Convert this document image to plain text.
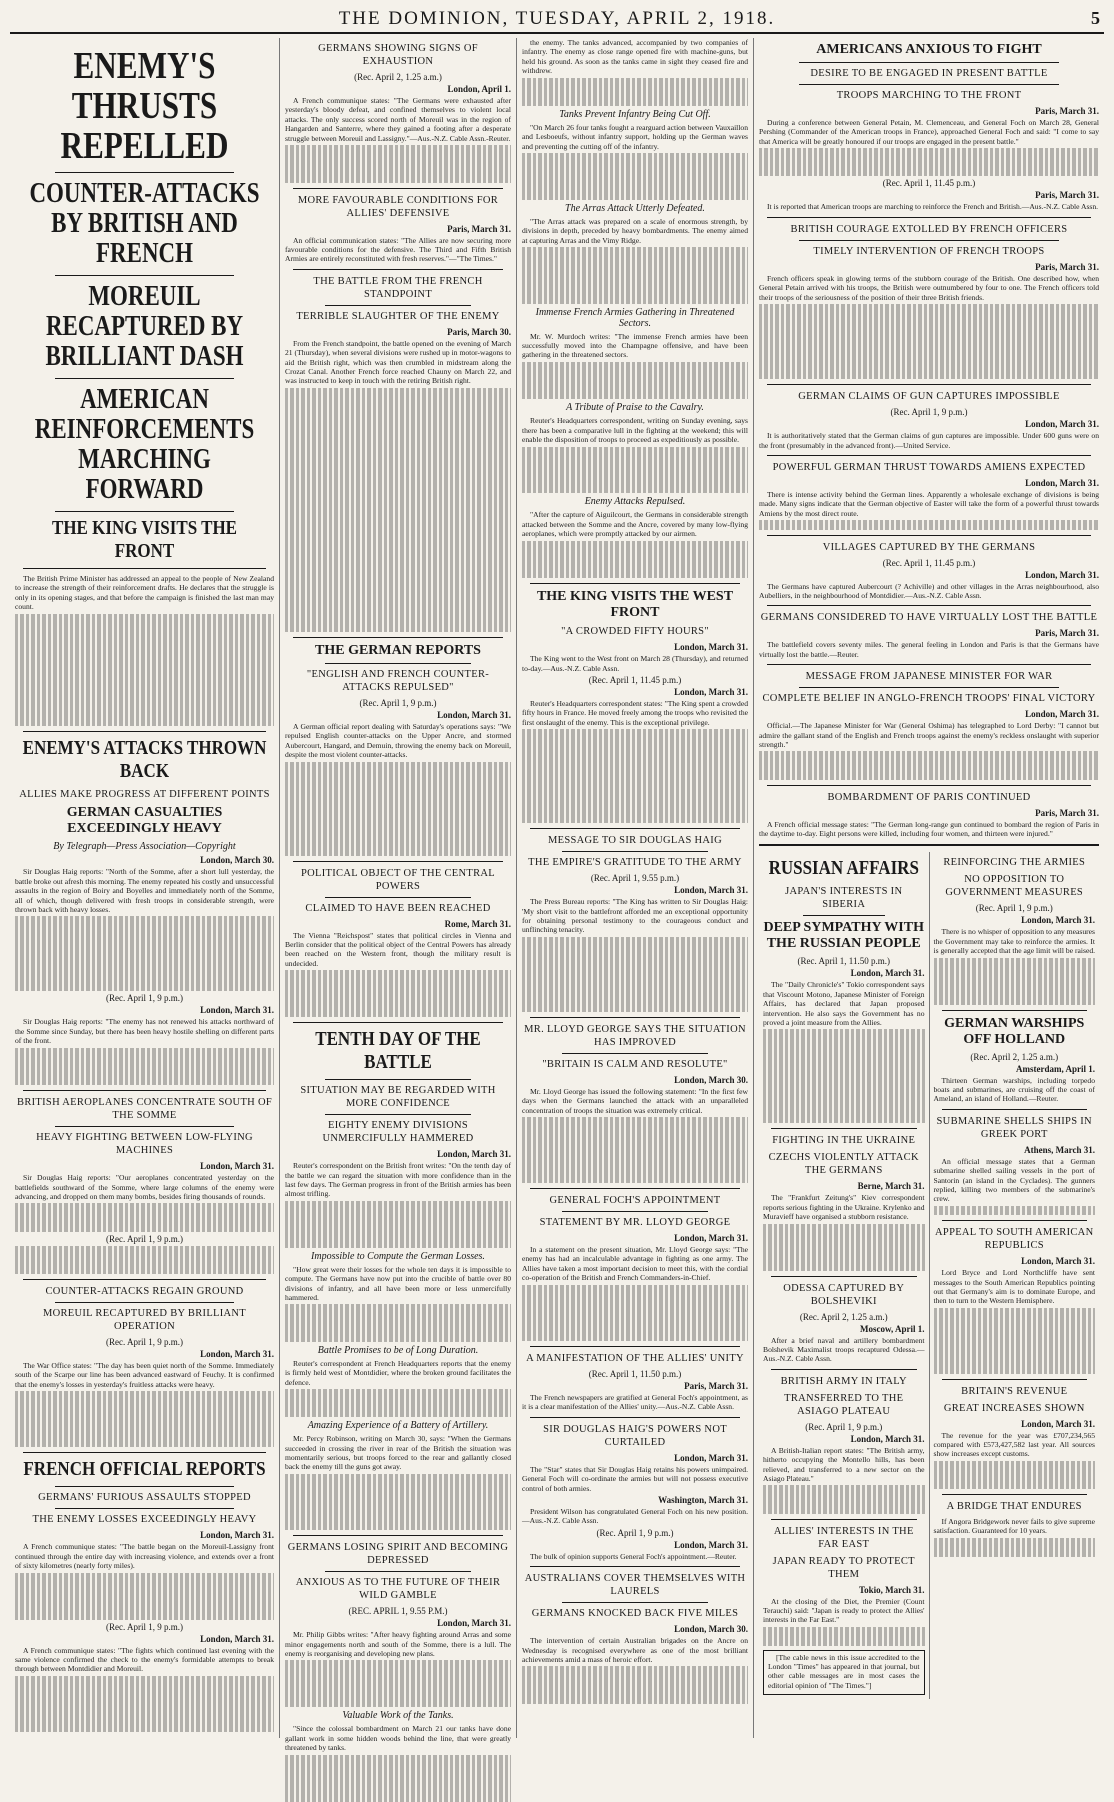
THE DOMINION, TUESDAY, APRIL 2, 1918.	5
ENEMY'S THRUSTS REPELLED
COUNTER-ATTACKS BY BRITISH AND FRENCH
MOREUIL RECAPTURED BY BRILLIANT DASH
AMERICAN REINFORCEMENTS MARCHING FORWARD
THE KING VISITS THE FRONT

The British Prime Minister has addressed an appeal to the people of New Zealand to increase the strength of their reinforcement drafts. He declares that the struggle is only in its opening stages, and that before the campaign is finished the last man may count.

ENEMY'S ATTACKS THROWN BACK
ALLIES MAKE PROGRESS AT DIFFERENT POINTS
GERMAN CASUALTIES EXCEEDINGLY HEAVY
By Telegraph—Press Association—Copyright
London, March 30.

Sir Douglas Haig reports: "North of the Somme, after a short lull yesterday, the battle broke out afresh this morning. The enemy repeated his costly and unsuccessful assaults in the region of Boiry and Boyelles and immediately north of the Somme, all of which, though delivered with fresh troops in considerable strength, were thrown back with heavy losses.

(Rec. April 1, 9 p.m.)
London, March 31.

Sir Douglas Haig reports: "The enemy has not renewed his attacks northward of the Somme since Sunday, but there has been heavy hostile shelling on different parts of the front.

BRITISH AEROPLANES CONCENTRATE SOUTH OF THE SOMME
HEAVY FIGHTING BETWEEN LOW-FLYING MACHINES
London, March 31.

Sir Douglas Haig reports: "Our aeroplanes concentrated yesterday on the battlefields southward of the Somme, where large columns of the enemy were advancing, and dropped on them many bombs, besides firing thousands of rounds.

(Rec. April 1, 9 p.m.)
COUNTER-ATTACKS REGAIN GROUND
MOREUIL RECAPTURED BY BRILLIANT OPERATION
(Rec. April 1, 9 p.m.)
London, March 31.

The War Office states: "The day has been quiet north of the Somme. Immediately south of the Scarpe our line has been advanced eastward of Feuchy. It is confirmed that the enemy's losses in yesterday's fruitless attacks were heavy.

FRENCH OFFICIAL REPORTS
GERMANS' FURIOUS ASSAULTS STOPPED
THE ENEMY LOSSES EXCEEDINGLY HEAVY
London, March 31.

A French communique states: "The battle began on the Moreuil-Lassigny front continued through the entire day with increasing violence, and extends over a front of sixty kilometres (nearly forty miles).

(Rec. April 1, 9 p.m.)
London, March 31.

A French communique states: "The fights which continued last evening with the same violence confirmed the check to the enemy's formidable attempts to break through between Montdidier and Moreuil.

GERMANS SHOWING SIGNS OF EXHAUSTION
(Rec. April 2, 1.25 a.m.)
London, April 1.

A French communique states: "The Germans were exhausted after yesterday's bloody defeat, and confined themselves to violent local attacks. The only success scored north of Moreuil was in the region of Hangarden and Santerre, where they gained a footing after a desperate struggle between Moreuil and Lassigny."—Aus.-N.Z. Cable Assn.-Reuter.

MORE FAVOURABLE CONDITIONS FOR ALLIES' DEFENSIVE
Paris, March 31.

An official communication states: "The Allies are now securing more favourable conditions for the defensive. The Third and Fifth British Armies are entirely reconstituted with fresh reserves."—"The Times."

THE BATTLE FROM THE FRENCH STANDPOINT
TERRIBLE SLAUGHTER OF THE ENEMY
Paris, March 30.

From the French standpoint, the battle opened on the evening of March 21 (Thursday), when several divisions were rushed up in motor-wagons to aid the British right, which was then crumbled in midstream along the Crozat Canal. Another French force reached Chauny on March 22, and was instructed to keep in touch with the retiring British right.

THE GERMAN REPORTS
"ENGLISH AND FRENCH COUNTER-ATTACKS REPULSED"
(Rec. April 1, 9 p.m.)
London, March 31.

A German official report dealing with Saturday's operations says: "We repulsed English counter-attacks on the Upper Ancre, and stormed Aubercourt, Hangard, and Demuin, throwing the enemy back on Moreuil, despite the most violent counter-attacks.

POLITICAL OBJECT OF THE CENTRAL POWERS
CLAIMED TO HAVE BEEN REACHED
Rome, March 31.

The Vienna "Reichspost" states that political circles in Vienna and Berlin consider that the political object of the Central Powers has already been reached on the Western front, though the military result is undecided.

TENTH DAY OF THE BATTLE
SITUATION MAY BE REGARDED WITH MORE CONFIDENCE
EIGHTY ENEMY DIVISIONS UNMERCIFULLY HAMMERED
London, March 31.

Reuter's correspondent on the British front writes: "On the tenth day of the battle we can regard the situation with more confidence than in the last few days. The German progress in front of the British armies has been almost trifling.

Impossible to Compute the German Losses.

"How great were their losses for the whole ten days it is impossible to compute. The Germans have now put into the crucible of battle over 80 divisions of infantry, and all have been more or less unmercifully hammered.

Battle Promises to be of Long Duration.

Reuter's correspondent at French Headquarters reports that the enemy is firmly held west of Montdidier, where the broken ground facilitates the defence.

Amazing Experience of a Battery of Artillery.

Mr. Percy Robinson, writing on March 30, says: "When the Germans succeeded in crossing the river in rear of the British the situation was momentarily serious, but troops forced to the rear and gallantly closed back the enemy till the guns got away.

GERMANS LOSING SPIRIT AND BECOMING DEPRESSED
ANXIOUS AS TO THE FUTURE OF THEIR WILD GAMBLE
(REC. APRIL 1, 9.55 P.M.)
London, March 31.

Mr. Philip Gibbs writes: "After heavy fighting around Arras and some minor engagements north and south of the Somme, there is a lull. The enemy is reorganising and developing new plans.

Valuable Work of the Tanks.

"Since the colossal bombardment on March 21 our tanks have done gallant work in some hidden woods behind the line, that were greatly threatened by tanks.

the enemy. The tanks advanced, accompanied by two companies of infantry. The enemy as close range opened fire with machine-guns, but held his ground. As soon as the tanks came in sight they ceased fire and withdrew.

Tanks Prevent Infantry Being Cut Off.

"On March 26 four tanks fought a rearguard action between Vauxaillon and Lesboeufs, without infantry support, holding up the German waves and preventing the cutting off of the infantry.

The Arras Attack Utterly Defeated.

"The Arras attack was prepared on a scale of enormous strength, by divisions in depth, preceded by heavy bombardments. The enemy aimed at capturing Arras and the Vimy Ridge.

Immense French Armies Gathering in Threatened Sectors.

Mr. W. Murdoch writes: "The immense French armies have been successfully moved into the Champagne offensive, and have been gathering in the threatened sectors.

A Tribute of Praise to the Cavalry.

Reuter's Headquarters correspondent, writing on Sunday evening, says there has been a comparative lull in the fighting at the weekend; this will enable the disposition of troops to proceed as expeditiously as possible.

Enemy Attacks Repulsed.

"After the capture of Aiguilcourt, the Germans in considerable strength attacked between the Somme and the Ancre, covered by many low-flying aeroplanes, which were promptly attacked by our airmen.

THE KING VISITS THE WEST FRONT
"A CROWDED FIFTY HOURS"
London, March 31.

The King went to the West front on March 28 (Thursday), and returned to-day.—Aus.-N.Z. Cable Assn.

(Rec. April 1, 11.45 p.m.)
London, March 31.

Reuter's Headquarters correspondent states: "The King spent a crowded fifty hours in France. He moved freely among the troops who revisited the first onslaught of the enemy. This is the exceptional privilege.

MESSAGE TO SIR DOUGLAS HAIG
THE EMPIRE'S GRATITUDE TO THE ARMY
(Rec. April 1, 9.55 p.m.)
London, March 31.

The Press Bureau reports: "The King has written to Sir Douglas Haig: 'My short visit to the battlefront afforded me an exceptional opportunity for obtaining personal testimony to the courageous conduct and unflinching tenacity.

MR. LLOYD GEORGE SAYS THE SITUATION HAS IMPROVED
"BRITAIN IS CALM AND RESOLUTE"
London, March 30.

Mr. Lloyd George has issued the following statement: "In the first few days when the Germans launched the attack with an unparalleled concentration of troops the situation was extremely critical.

GENERAL FOCH'S APPOINTMENT
STATEMENT BY MR. LLOYD GEORGE
London, March 31.

In a statement on the present situation, Mr. Lloyd George says: "The enemy has had an incalculable advantage in fighting as one army. The Allies have taken a most important decision to meet this, with the cordial co-operation of the British and French Commanders-in-Chief.

A MANIFESTATION OF THE ALLIES' UNITY
(Rec. April 1, 11.50 p.m.)
Paris, March 31.

The French newspapers are gratified at General Foch's appointment, as it is a clear manifestation of the Allies' unity.—Aus.-N.Z. Cable Assn.

SIR DOUGLAS HAIG'S POWERS NOT CURTAILED
London, March 31.

The "Star" states that Sir Douglas Haig retains his powers unimpaired. General Foch will co-ordinate the armies but will not possess executive control of both armies.

Washington, March 31.

President Wilson has congratulated General Foch on his new position.—Aus.-N.Z. Cable Assn.

(Rec. April 1, 9 p.m.)
London, March 31.

The bulk of opinion supports General Foch's appointment.—Reuter.

AUSTRALIANS COVER THEMSELVES WITH LAURELS
GERMANS KNOCKED BACK FIVE MILES
London, March 30.

The intervention of certain Australian brigades on the Ancre on Wednesday is recognised everywhere as one of the most brilliant achievements amid a mass of heroic effort.

AMERICANS ANXIOUS TO FIGHT
DESIRE TO BE ENGAGED IN PRESENT BATTLE
TROOPS MARCHING TO THE FRONT
Paris, March 31.

During a conference between General Petain, M. Clemenceau, and General Foch on March 28, General Pershing (Commander of the American troops in France), approached General Foch and said: "I come to say that America will be greatly honoured if our troops are engaged in the present battle."

(Rec. April 1, 11.45 p.m.)
Paris, March 31.

It is reported that American troops are marching to reinforce the French and British.—Aus.-N.Z. Cable Assn.

BRITISH COURAGE EXTOLLED BY FRENCH OFFICERS
TIMELY INTERVENTION OF FRENCH TROOPS
Paris, March 31.

French officers speak in glowing terms of the stubborn courage of the British. One described how, when General Petain arrived with his troops, the British were outnumbered by four to one. The French officers told their troops of the seriousness of the position of their three British friends.

GERMAN CLAIMS OF GUN CAPTURES IMPOSSIBLE
(Rec. April 1, 9 p.m.)
London, March 31.

It is authoritatively stated that the German claims of gun captures are impossible. Under 600 guns were on the front (presumably in the advanced front).—United Service.

POWERFUL GERMAN THRUST TOWARDS AMIENS EXPECTED
London, March 31.

There is intense activity behind the German lines. Apparently a wholesale exchange of divisions is being made. Many signs indicate that the German objective of Easter will take the form of a powerful thrust towards Amiens by the most direct route.

VILLAGES CAPTURED BY THE GERMANS
(Rec. April 1, 11.45 p.m.)
London, March 31.

The Germans have captured Aubercourt (? Achiville) and other villages in the Arras neighbourhood, also Aubelliers, in the neighbourhood of Montdidier.—Aus.-N.Z. Cable Assn.

GERMANS CONSIDERED TO HAVE VIRTUALLY LOST THE BATTLE
Paris, March 31.

The battlefield covers seventy miles. The general feeling in London and Paris is that the Germans have virtually lost the battle.—Reuter.

MESSAGE FROM JAPANESE MINISTER FOR WAR
COMPLETE BELIEF IN ANGLO-FRENCH TROOPS' FINAL VICTORY
London, March 31.

Official.—The Japanese Minister for War (General Oshima) has telegraphed to Lord Derby: "I cannot but admire the gallant stand of the English and French troops against the enemy's reckless onslaught with superior strength."

BOMBARDMENT OF PARIS CONTINUED
Paris, March 31.

A French official message states: "The German long-range gun continued to bombard the region of Paris in the daytime to-day. Eight persons were killed, including four women, and thirteen were injured."

RUSSIAN AFFAIRS
JAPAN'S INTERESTS IN SIBERIA
DEEP SYMPATHY WITH THE RUSSIAN PEOPLE
(Rec. April 1, 11.50 p.m.)
London, March 31.

The "Daily Chronicle's" Tokio correspondent says that Viscount Motono, Japanese Minister of Foreign Affairs, has declared that Japan proposed intervention. He also says the Government has no proved a joint measure from the Allies.

FIGHTING IN THE UKRAINE
CZECHS VIOLENTLY ATTACK THE GERMANS
Berne, March 31.

The "Frankfurt Zeitung's" Kiev correspondent reports serious fighting in the Ukraine. Krylenko and Muravieff have organised a stubborn resistance.

ODESSA CAPTURED BY BOLSHEVIKI
(Rec. April 2, 1.25 a.m.)
Moscow, April 1.

After a brief naval and artillery bombardment Bolshevik Maximalist troops recaptured Odessa.—Aus.-N.Z. Cable Assn.

BRITISH ARMY IN ITALY
TRANSFERRED TO THE ASIAGO PLATEAU
(Rec. April 1, 9 p.m.)
London, March 31.

A British-Italian report states: "The British army, hitherto occupying the Montello hills, has been relieved, and transferred to a new sector on the Asiago Plateau."

ALLIES' INTERESTS IN THE FAR EAST
JAPAN READY TO PROTECT THEM
Tokio, March 31.

At the closing of the Diet, the Premier (Count Terauchi) said: "Japan is ready to protect the Allies' interests in the Far East."

[The cable news in this issue accredited to the London "Times" has appeared in that journal, but other cable messages are in most cases the editorial opinion of "The Times."]

REINFORCING THE ARMIES
NO OPPOSITION TO GOVERNMENT MEASURES
(Rec. April 1, 9 p.m.)
London, March 31.

There is no whisper of opposition to any measures the Government may take to reinforce the armies. It is generally accepted that the age limit will be raised.

GERMAN WARSHIPS OFF HOLLAND
(Rec. April 2, 1.25 a.m.)
Amsterdam, April 1.

Thirteen German warships, including torpedo boats and submarines, are cruising off the coast of Ameland, an island of Holland.—Reuter.

SUBMARINE SHELLS SHIPS IN GREEK PORT
Athens, March 31.

An official message states that a German submarine shelled sailing vessels in the port of Santorin (an island in the Cyclades). The gunners replied, killing two members of the submarine's crew.

APPEAL TO SOUTH AMERICAN REPUBLICS
London, March 31.

Lord Bryce and Lord Northcliffe have sent messages to the South American Republics pointing out that Germany's aim is to dominate Europe, and then to turn to the Western Hemisphere.

BRITAIN'S REVENUE
GREAT INCREASES SHOWN
London, March 31.

The revenue for the year was £707,234,565 compared with £573,427,582 last year. All sources show increases except customs.

A BRIDGE THAT ENDURES

If Angora Bridgework never fails to give supreme satisfaction. Guaranteed for 10 years.
